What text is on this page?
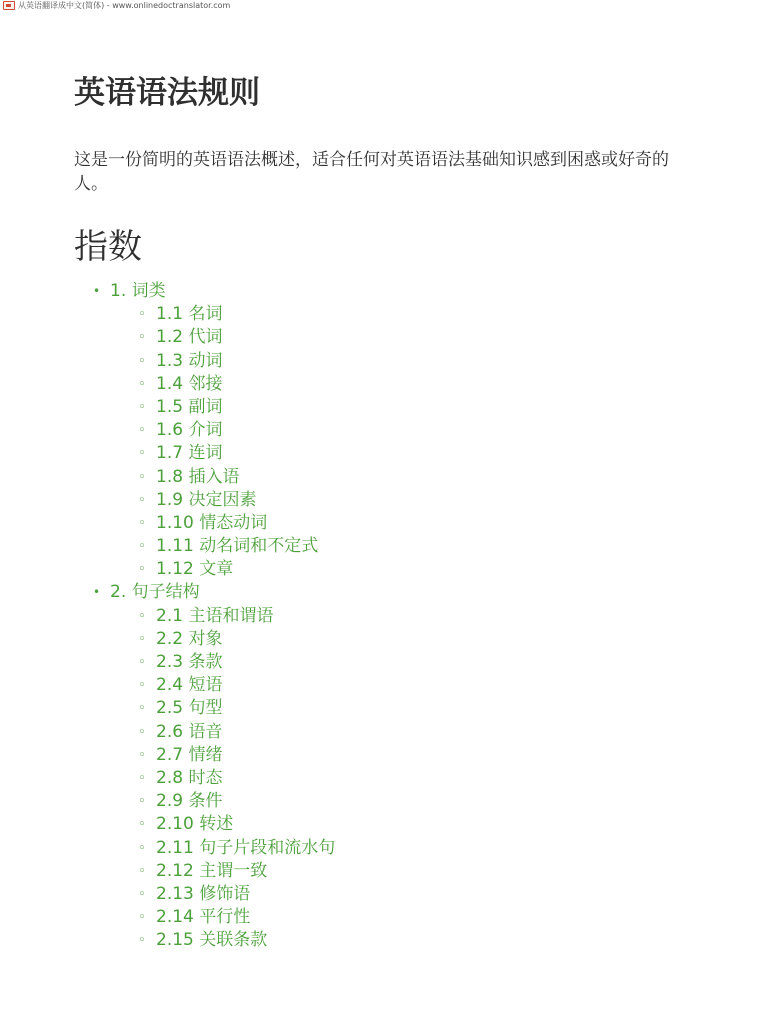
从英语翻译成中文(简体) - www.onlinedoctranslator.com
英语语法规则

这是一份简明的英语语法概述，适合任何对英语语法基础知识感到困惑或好奇的人。

指数
• 1. 词类
◦ 1.1 名词
◦ 1.2 代词
◦ 1.3 动词
◦ 1.4 邻接
◦ 1.5 副词
◦ 1.6 介词
◦ 1.7 连词
◦ 1.8 插入语
◦ 1.9 决定因素
◦ 1.10 情态动词
◦ 1.11 动名词和不定式
◦ 1.12 文章
• 2. 句子结构
◦ 2.1 主语和谓语
◦ 2.2 对象
◦ 2.3 条款
◦ 2.4 短语
◦ 2.5 句型
◦ 2.6 语音
◦ 2.7 情绪
◦ 2.8 时态
◦ 2.9 条件
◦ 2.10 转述
◦ 2.11 句子片段和流水句
◦ 2.12 主谓一致
◦ 2.13 修饰语
◦ 2.14 平行性
◦ 2.15 关联条款
